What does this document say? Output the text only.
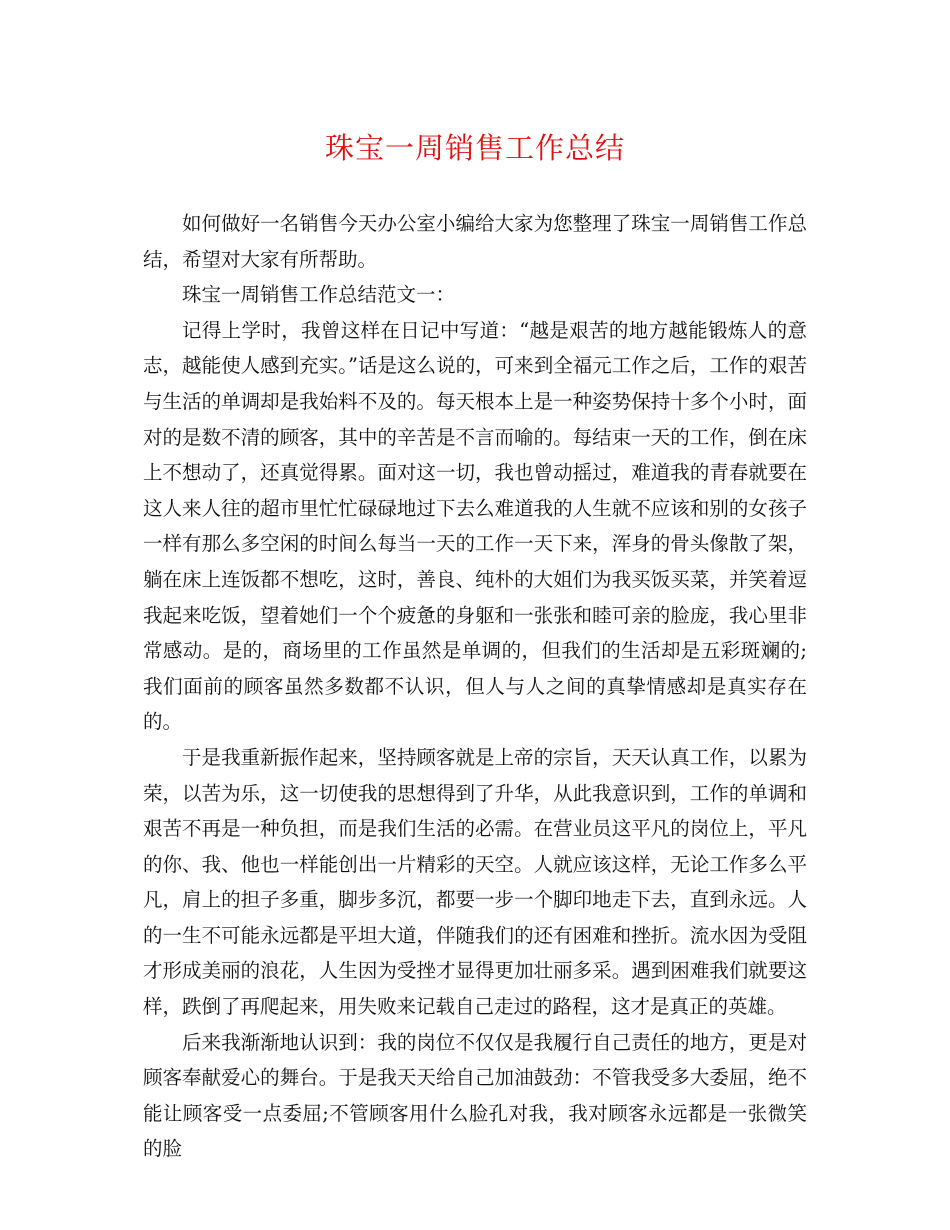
珠宝一周销售工作总结

如何做好一名销售今天办公室小编给大家为您整理了珠宝一周销售工作总结，希望对大家有所帮助。

珠宝一周销售工作总结范文一：

记得上学时，我曾这样在日记中写道：“越是艰苦的地方越能锻炼人的意志，越能使人感到充实。”话是这么说的，可来到全福元工作之后，工作的艰苦与生活的单调却是我始料不及的。每天根本上是一种姿势保持十多个小时，面对的是数不清的顾客，其中的辛苦是不言而喻的。每结束一天的工作，倒在床上不想动了，还真觉得累。面对这一切，我也曾动摇过，难道我的青春就要在这人来人往的超市里忙忙碌碌地过下去么难道我的人生就不应该和别的女孩子一样有那么多空闲的时间么每当一天的工作一天下来，浑身的骨头像散了架，躺在床上连饭都不想吃，这时，善良、纯朴的大姐们为我买饭买菜，并笑着逗我起来吃饭，望着她们一个个疲惫的身躯和一张张和睦可亲的脸庞，我心里非常感动。是的，商场里的工作虽然是单调的，但我们的生活却是五彩斑斓的;我们面前的顾客虽然多数都不认识，但人与人之间的真挚情感却是真实存在的。

于是我重新振作起来，坚持顾客就是上帝的宗旨，天天认真工作，以累为荣，以苦为乐，这一切使我的思想得到了升华，从此我意识到，工作的单调和艰苦不再是一种负担，而是我们生活的必需。在营业员这平凡的岗位上，平凡的你、我、他也一样能创出一片精彩的天空。人就应该这样，无论工作多么平凡，肩上的担子多重，脚步多沉，都要一步一个脚印地走下去，直到永远。人的一生不可能永远都是平坦大道，伴随我们的还有困难和挫折。流水因为受阻才形成美丽的浪花，人生因为受挫才显得更加壮丽多采。遇到困难我们就要这样，跌倒了再爬起来，用失败来记载自己走过的路程，这才是真正的英雄。

后来我渐渐地认识到：我的岗位不仅仅是我履行自己责任的地方，更是对顾客奉献爱心的舞台。于是我天天给自己加油鼓劲：不管我受多大委屈，绝不能让顾客受一点委屈;不管顾客用什么脸孔对我，我对顾客永远都是一张微笑的脸
